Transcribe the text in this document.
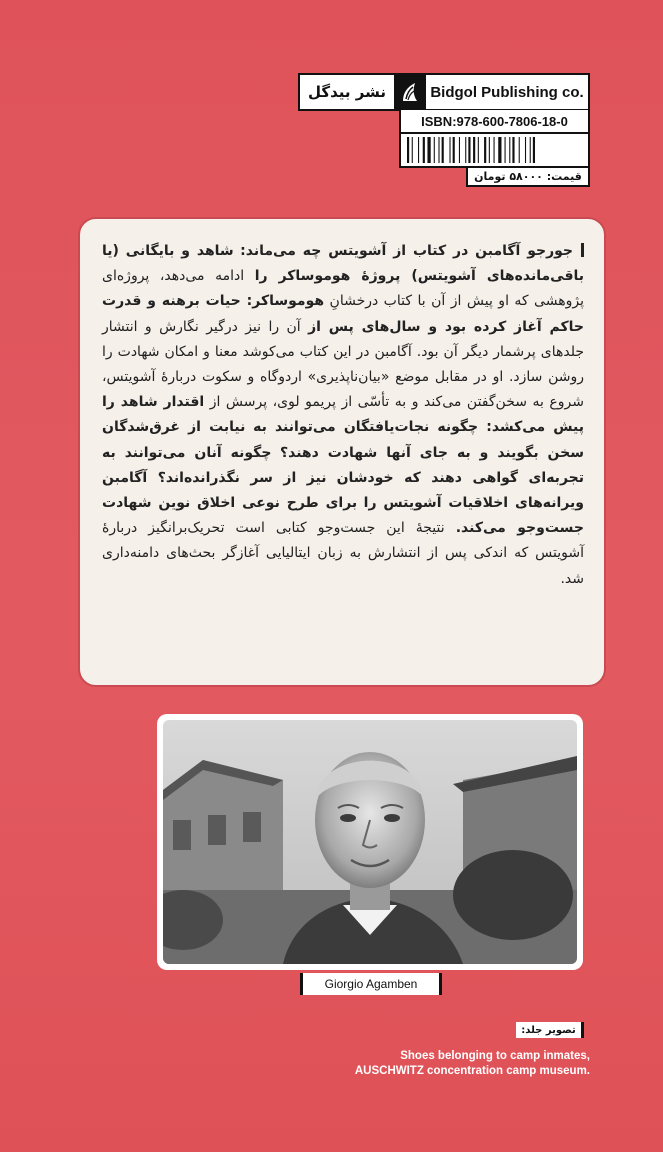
نشر بیدگل	Bidgol Publishing co.
ISBN:978-600-7806-18-0
قیمت: ۵۸۰۰۰ تومان

جورجو آگامبن در کتاب از آشویتس چه می‌ماند: شاهد و بایگانی (یا باقی‌مانده‌های آشویتس) پروژهٔ هوموساکر را ادامه می‌دهد، پروژه‌ای پژوهشی که او پیش از آن با کتاب درخشانِ هوموساکر: حیات برهنه و قدرت حاکم آغاز کرده بود و سال‌های پس از آن را نیز درگیر نگارش و انتشار جلدهای پرشمار دیگر آن بود. آگامبن در این کتاب می‌کوشد معنا و امکان شهادت را روشن سازد. او در مقابل موضع «بیان‌ناپذیری» اردوگاه و سکوت دربارهٔ آشویتس، شروع به سخن‌گفتن می‌کند و به تأسّی از پریمو لوی، پرسش از اقتدار شاهد را پیش می‌کشد: چگونه نجات‌یافتگان می‌توانند به نیابت از غرق‌شدگان سخن بگویند و به جای آنها شهادت دهند؟ چگونه آنان می‌توانند به تجربه‌ای گواهی دهند که خودشان نیز از سر نگذرانده‌اند؟ آگامبن ویرانه‌های اخلاقیات آشویتس را برای طرح نوعی اخلاق نوین شهادت جست‌وجو می‌کند. نتیجهٔ این جست‌وجو کتابی است تحریک‌برانگیز دربارهٔ آشویتس که اندکی پس از انتشارش به زبان ایتالیایی آغازگر بحث‌های دامنه‌داری شد.

Giorgio Agamben
تصویر جلد:
Shoes belonging to camp inmates,
AUSCHWITZ concentration camp museum.
